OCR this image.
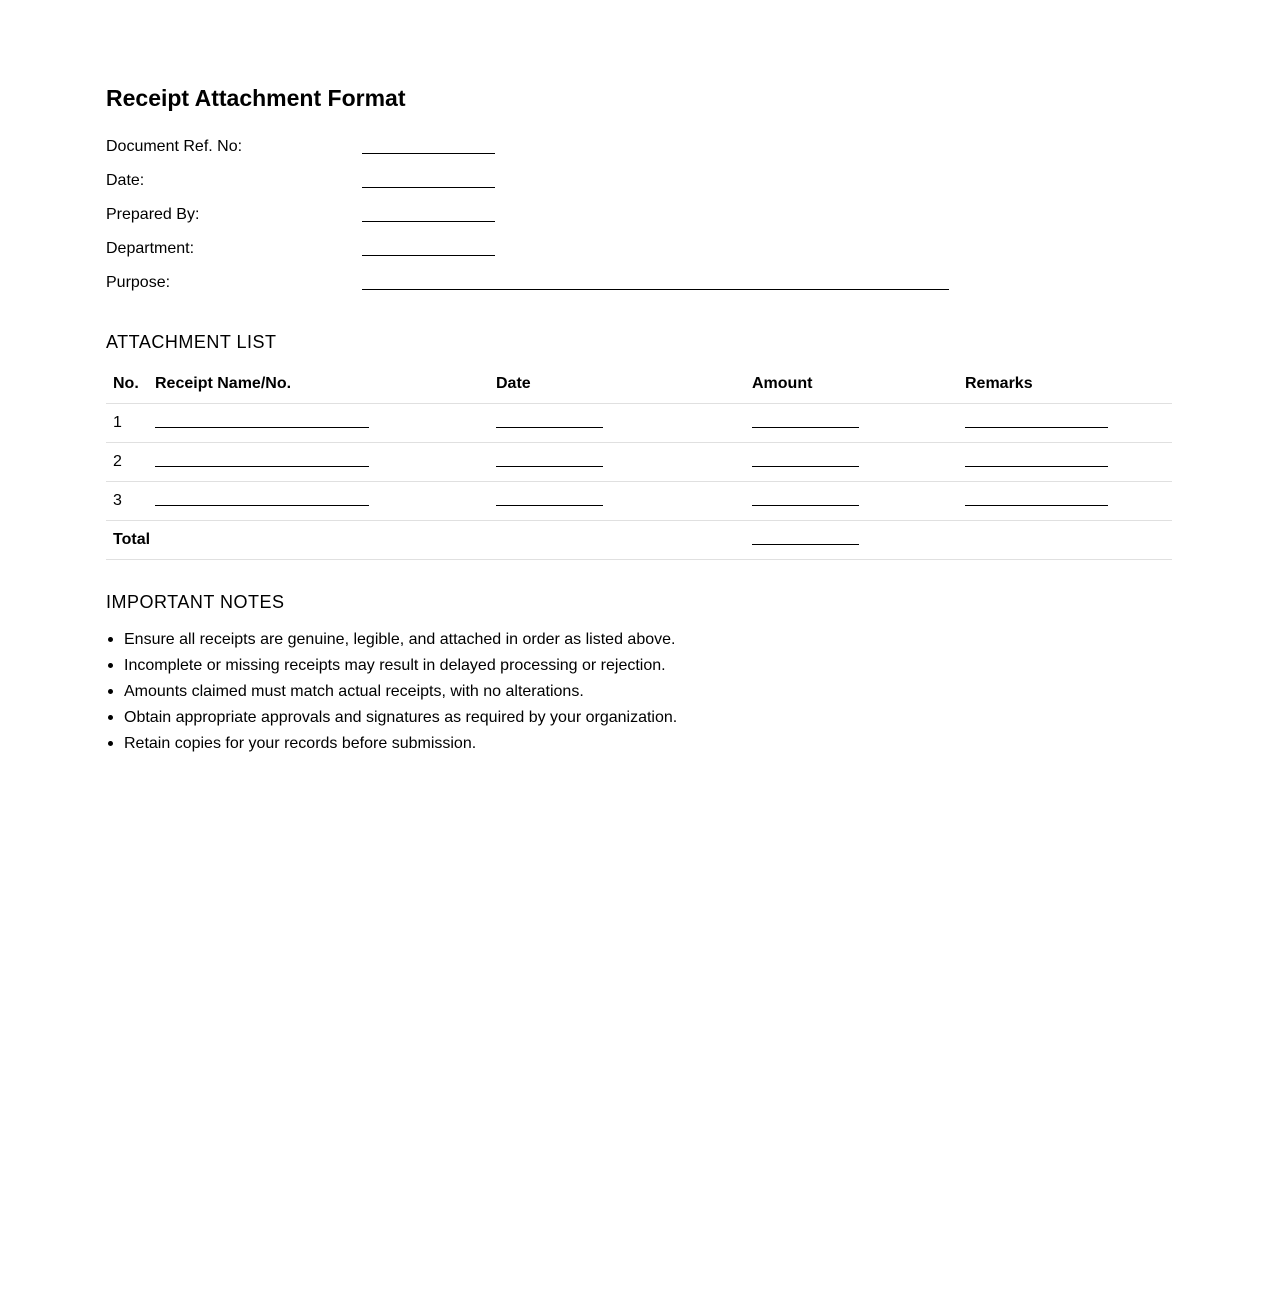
Receipt Attachment Format
Document Ref. No:
Date:
Prepared By:
Department:
Purpose:
ATTACHMENT LIST
No.	Receipt Name/No.	Date	Amount	Remarks
1	

2	

3	

Total			

IMPORTANT NOTES
Ensure all receipts are genuine, legible, and attached in order as listed above.
Incomplete or missing receipts may result in delayed processing or rejection.
Amounts claimed must match actual receipts, with no alterations.
Obtain appropriate approvals and signatures as required by your organization.
Retain copies for your records before submission.
